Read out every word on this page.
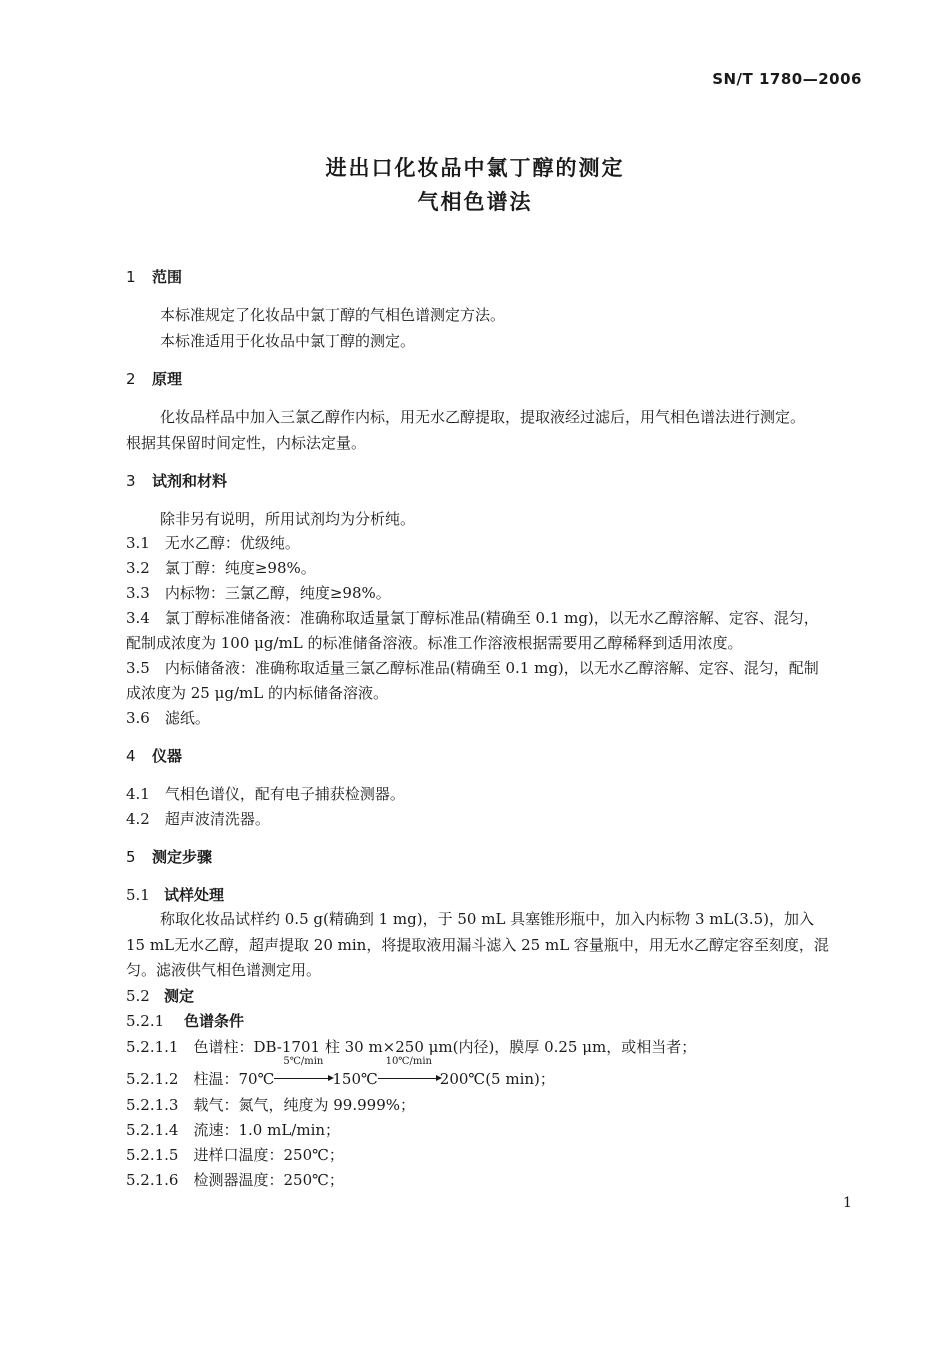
SN/T 1780—2006
进出口化妆品中氯丁醇的测定
气相色谱法
1 范围
本标准规定了化妆品中氯丁醇的气相色谱测定方法。
本标准适用于化妆品中氯丁醇的测定。
2 原理
化妆品样品中加入三氯乙醇作内标，用无水乙醇提取，提取液经过滤后，用气相色谱法进行测定。
根据其保留时间定性，内标法定量。
3 试剂和材料
除非另有说明，所用试剂均为分析纯。
3.1　无水乙醇：优级纯。
3.2　氯丁醇：纯度≥98%。
3.3　内标物：三氯乙醇，纯度≥98%。
3.4　氯丁醇标准储备液：准确称取适量氯丁醇标准品(精确至 0.1 mg)，以无水乙醇溶解、定容、混匀，
配制成浓度为 100 μg/mL 的标准储备溶液。标准工作溶液根据需要用乙醇稀释到适用浓度。
3.5　内标储备液：准确称取适量三氯乙醇标准品(精确至 0.1 mg)，以无水乙醇溶解、定容、混匀，配制
成浓度为 25 μg/mL 的内标储备溶液。
3.6　滤纸。
4 仪器
4.1　气相色谱仪，配有电子捕获检测器。
4.2　超声波清洗器。
5 测定步骤
5.1 试样处理
称取化妆品试样约 0.5 g(精确到 1 mg)，于 50 mL 具塞锥形瓶中，加入内标物 3 mL(3.5)，加入
15 mL无水乙醇，超声提取 20 min，将提取液用漏斗滤入 25 mL 容量瓶中，用无水乙醇定容至刻度，混
匀。滤液供气相色谱测定用。
5.2 测定
5.2.1 色谱条件
5.2.1.1　色谱柱：DB-1701 柱 30 m×250 μm(内径)，膜厚 0.25 μm，或相当者；
5.2.1.2　柱温：70℃
5℃/min
150℃
10℃/min
200℃(5 min)；
5.2.1.3　载气：氮气，纯度为 99.999%；
5.2.1.4　流速：1.0 mL/min；
5.2.1.5　进样口温度：250℃；
5.2.1.6　检测器温度：250℃；
1
